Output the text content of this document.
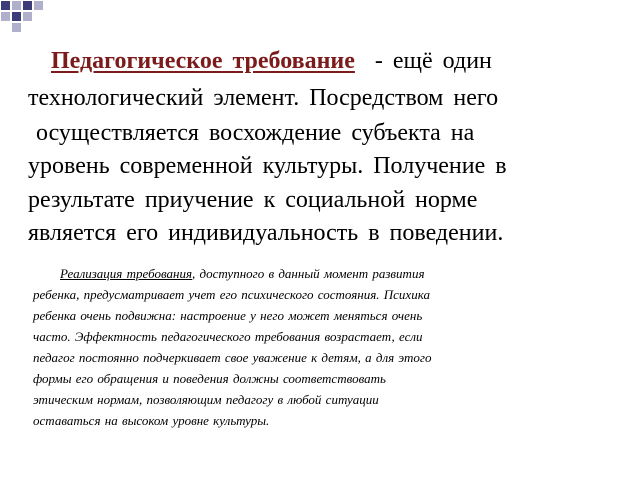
Педагогическое требование - ещё один
технологический элемент. Посредством него
осуществляется восхождение субъекта на
уровень современной культуры. Получение в
результате приучение к социальной норме
является его индивидуальность в поведении.
Реализация требования, доступного в данный момент развития
ребенка, предусматривает учет его психического состояния. Психика
ребенка очень подвижна: настроение у него может меняться очень
часто. Эффектность педагогического требования возрастает, если
педагог постоянно подчеркивает свое уважение к детям, а для этого
формы его обращения и поведения должны соответствовать
этическим нормам, позволяющим педагогу в любой ситуации
оставаться на высоком уровне культуры.
